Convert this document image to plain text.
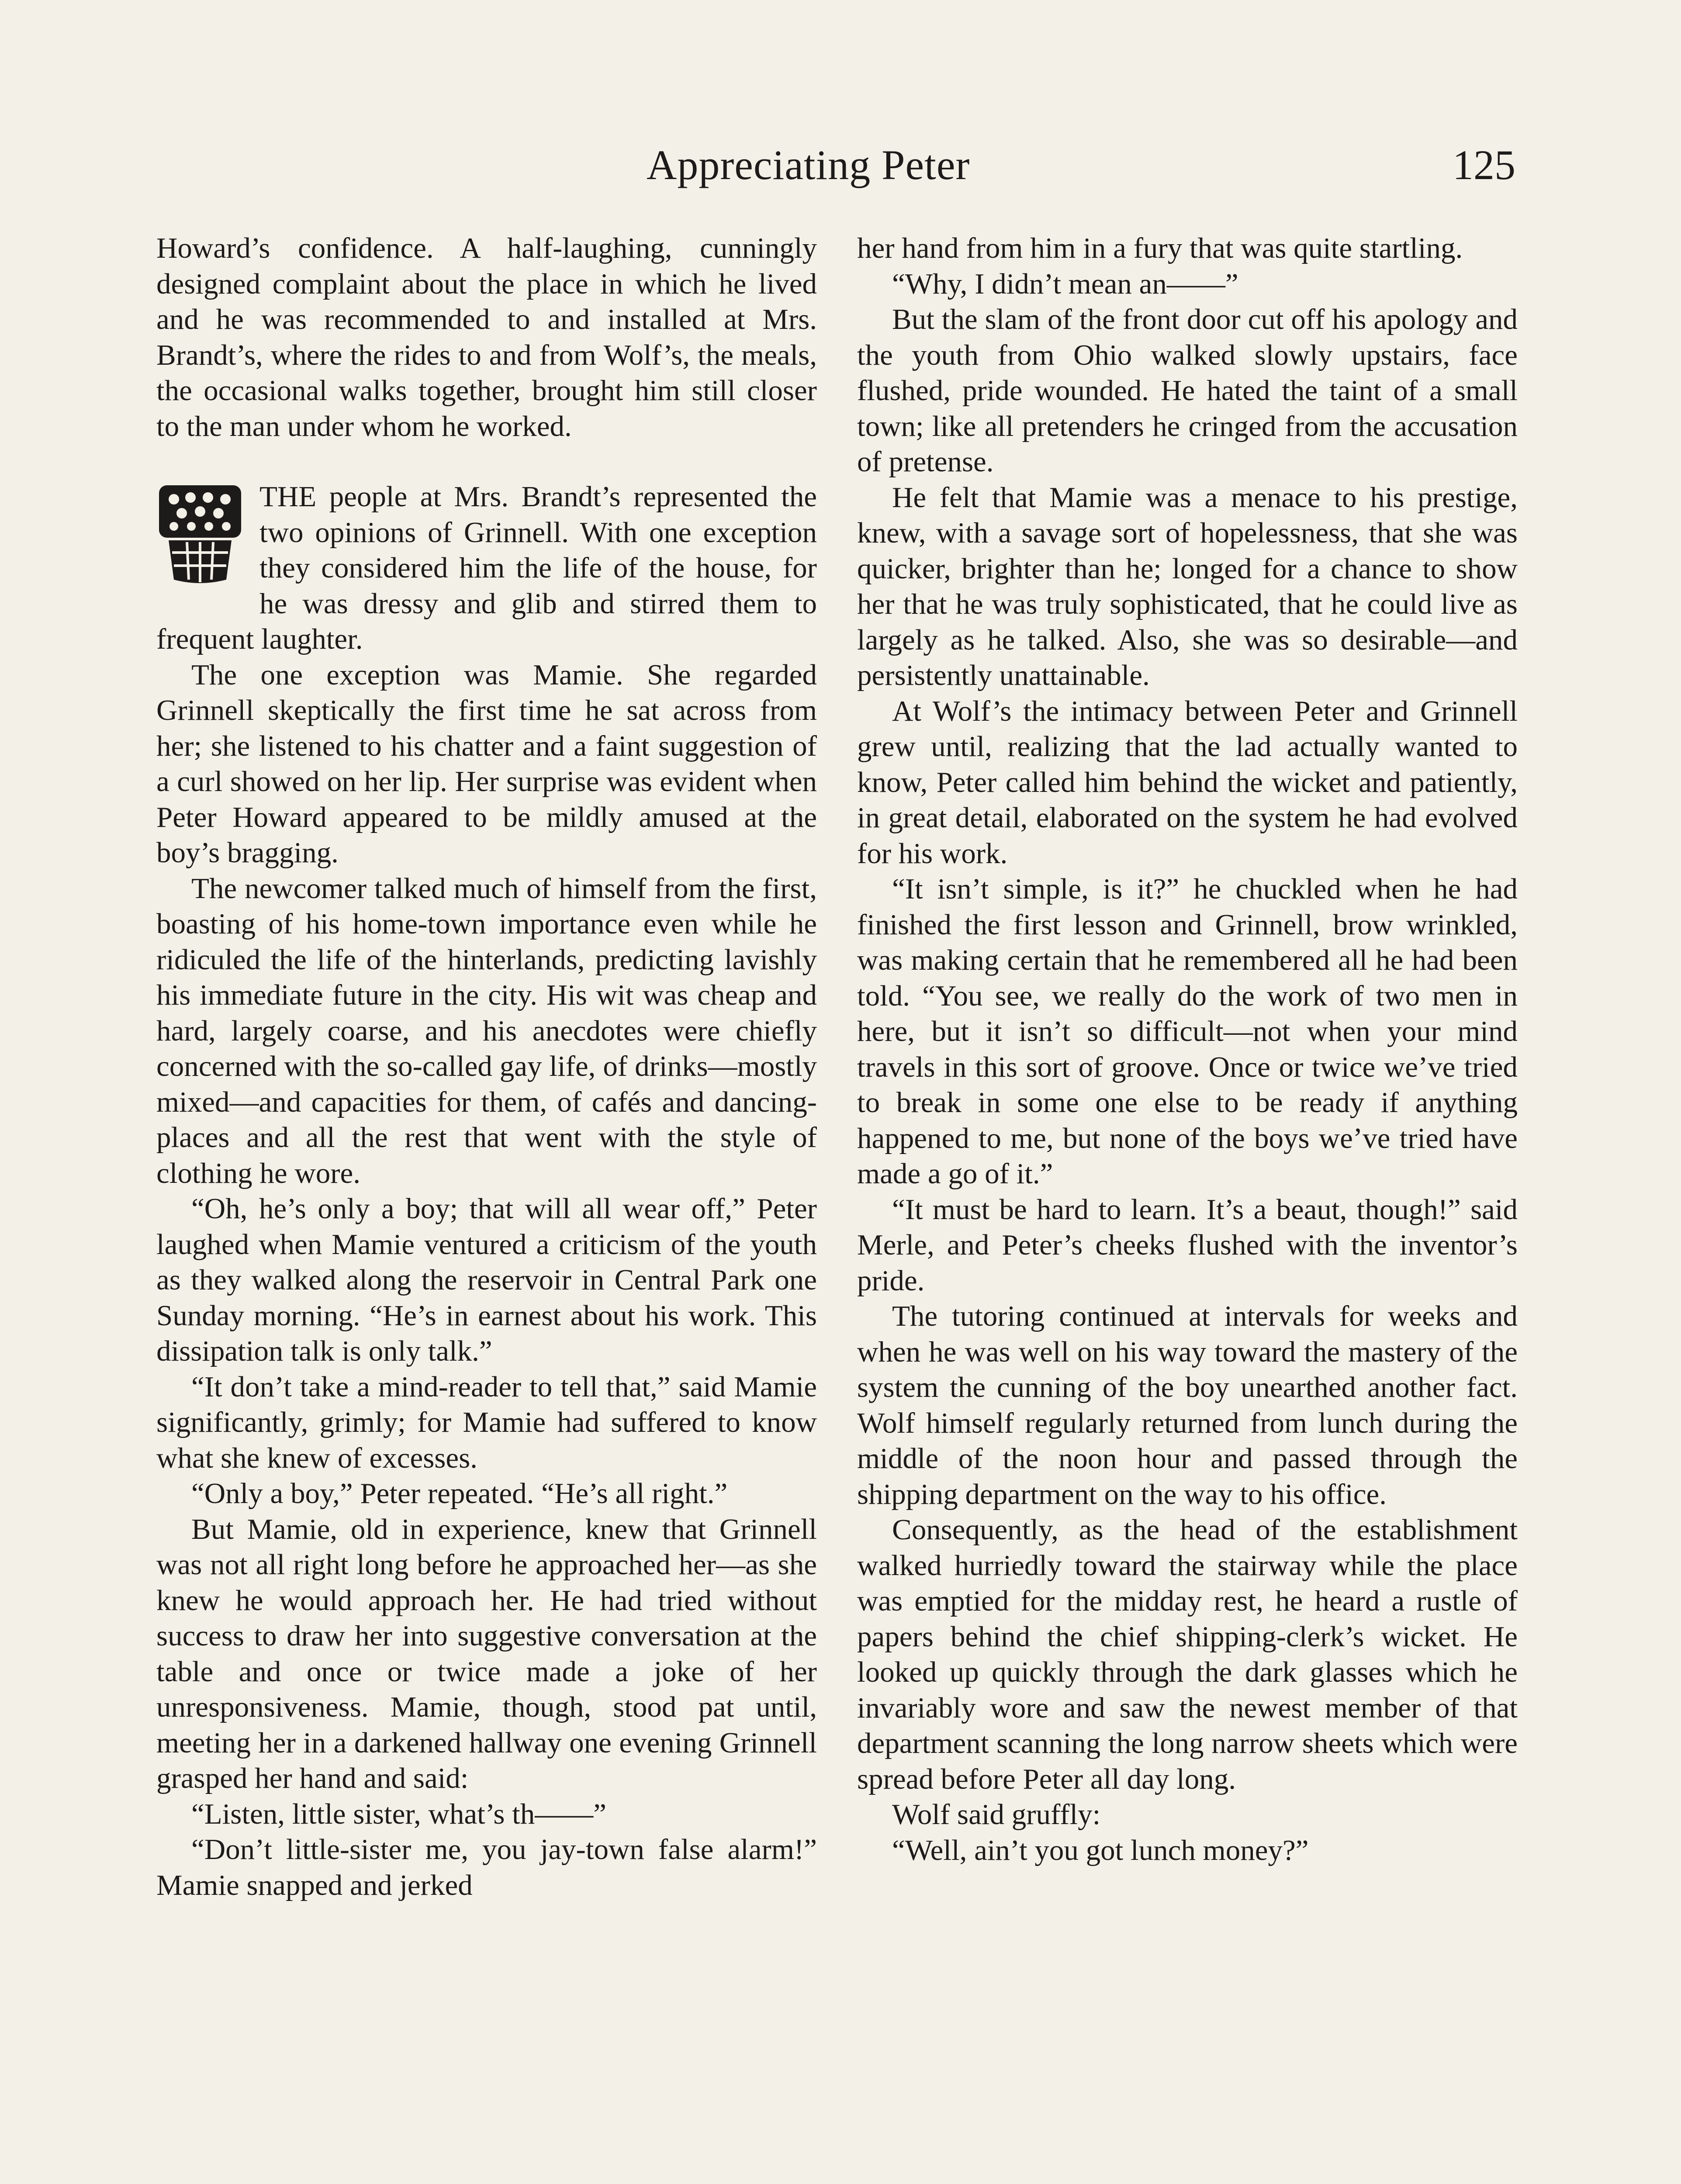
Appreciating Peter	125

Howard’s confidence. A half-laughing, cunningly designed complaint about the place in which he lived and he was recommended to and installed at Mrs. Brandt’s, where the rides to and from Wolf’s, the meals, the occasional walks together, brought him still closer to the man under whom he worked.

THE people at Mrs. Brandt’s represented the two opinions of Grinnell. With one exception they considered him the life of the house, for he was dressy and glib and stirred them to frequent laughter.

The one exception was Mamie. She regarded Grinnell skeptically the first time he sat across from her; she listened to his chatter and a faint suggestion of a curl showed on her lip. Her surprise was evident when Peter Howard appeared to be mildly amused at the boy’s bragging.

The newcomer talked much of himself from the first, boasting of his home-town importance even while he ridiculed the life of the hinterlands, predicting lavishly his immediate future in the city. His wit was cheap and hard, largely coarse, and his anecdotes were chiefly concerned with the so-called gay life, of drinks—mostly mixed—and capacities for them, of cafés and dancing-places and all the rest that went with the style of clothing he wore.

“Oh, he’s only a boy; that will all wear off,” Peter laughed when Mamie ventured a criticism of the youth as they walked along the reservoir in Central Park one Sunday morning. “He’s in earnest about his work. This dissipation talk is only talk.”

“It don’t take a mind-reader to tell that,” said Mamie significantly, grimly; for Mamie had suffered to know what she knew of excesses.

“Only a boy,” Peter repeated. “He’s all right.”

But Mamie, old in experience, knew that Grinnell was not all right long before he approached her—as she knew he would approach her. He had tried without success to draw her into suggestive conversation at the table and once or twice made a joke of her unresponsiveness. Mamie, though, stood pat until, meeting her in a darkened hallway one evening Grinnell grasped her hand and said:

“Listen, little sister, what’s th——”

“Don’t little-sister me, you jay-town false alarm!” Mamie snapped and jerked

her hand from him in a fury that was quite startling.

“Why, I didn’t mean an——”

But the slam of the front door cut off his apology and the youth from Ohio walked slowly upstairs, face flushed, pride wounded. He hated the taint of a small town; like all pretenders he cringed from the accusation of pretense.

He felt that Mamie was a menace to his prestige, knew, with a savage sort of hopelessness, that she was quicker, brighter than he; longed for a chance to show her that he was truly sophisticated, that he could live as largely as he talked. Also, she was so desirable—and persistently unattainable.

At Wolf’s the intimacy between Peter and Grinnell grew until, realizing that the lad actually wanted to know, Peter called him behind the wicket and patiently, in great detail, elaborated on the system he had evolved for his work.

“It isn’t simple, is it?” he chuckled when he had finished the first lesson and Grinnell, brow wrinkled, was making certain that he remembered all he had been told. “You see, we really do the work of two men in here, but it isn’t so difficult—not when your mind travels in this sort of groove. Once or twice we’ve tried to break in some one else to be ready if anything happened to me, but none of the boys we’ve tried have made a go of it.”

“It must be hard to learn. It’s a beaut, though!” said Merle, and Peter’s cheeks flushed with the inventor’s pride.

The tutoring continued at intervals for weeks and when he was well on his way toward the mastery of the system the cunning of the boy unearthed another fact. Wolf himself regularly returned from lunch during the middle of the noon hour and passed through the shipping department on the way to his office.

Consequently, as the head of the establishment walked hurriedly toward the stairway while the place was emptied for the midday rest, he heard a rustle of papers behind the chief shipping-clerk’s wicket. He looked up quickly through the dark glasses which he invariably wore and saw the newest member of that department scanning the long narrow sheets which were spread before Peter all day long.

Wolf said gruffly:

“Well, ain’t you got lunch money?”
